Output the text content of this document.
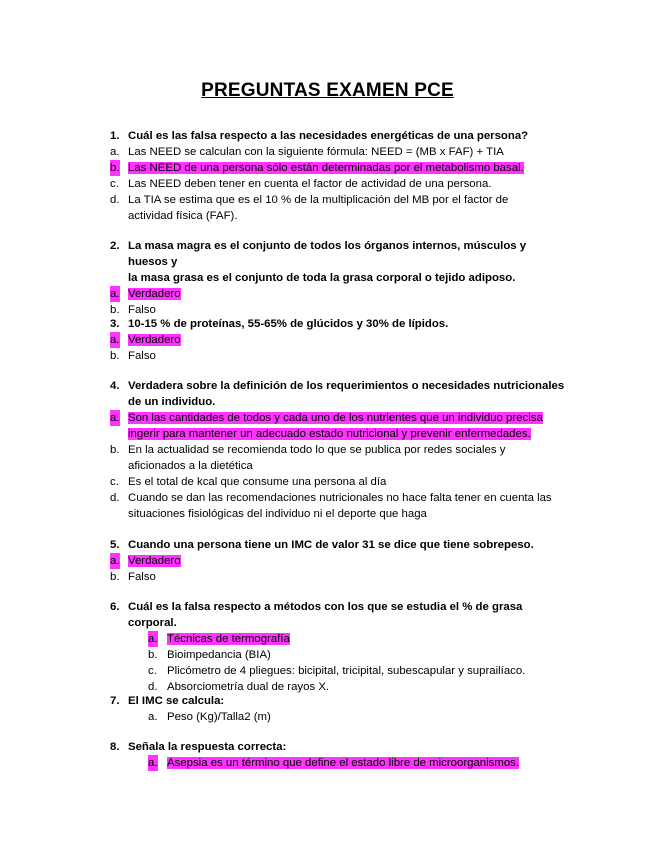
PREGUNTAS EXAMEN PCE
1. Cuál es las falsa respecto a las necesidades energéticas de una persona?
a. Las NEED se calculan con la siguiente fórmula: NEED = (MB x FAF) + TIA
b. Las NEED de una persona sólo están determinadas por el metabolismo basal.
c. Las NEED deben tener en cuenta el factor de actividad de una persona.
d. La TIA se estima que es el 10 % de la multiplicación del MB por el factor de
actividad física (FAF).
2. La masa magra es el conjunto de todos los órganos internos, músculos y huesos y
la masa grasa es el conjunto de toda la grasa corporal o tejido adiposo.
a. Verdadero
b. Falso
3. 10-15 % de proteínas, 55-65% de glúcidos y 30% de lípidos.
a. Verdadero
b. Falso
4. Verdadera sobre la definición de los requerimientos o necesidades nutricionales
de un individuo.
a. Son las cantidades de todos y cada uno de los nutrientes que un individuo precisa
ingerir para mantener un adecuado estado nutricional y prevenir enfermedades.
b. En la actualidad se recomienda todo lo que se publica por redes sociales y
aficionados a la dietética
c. Es el total de kcal que consume una persona al día
d. Cuando se dan las recomendaciones nutricionales no hace falta tener en cuenta las
situaciones fisiológicas del individuo ni el deporte que haga
5. Cuando una persona tiene un IMC de valor 31 se dice que tiene sobrepeso.
a. Verdadero
b. Falso
6. Cuál es la falsa respecto a métodos con los que se estudia el % de grasa corporal.
a. Técnicas de termografía
b. Bioimpedancia (BIA)
c. Plicómetro de 4 pliegues: bicipital, tricipital, subescapular y suprailíaco.
d. Absorciometría dual de rayos X.
7. El IMC se calcula:
a. Peso (Kg)/Talla2 (m)
8. Señala la respuesta correcta:
a. Asepsia es un término que define el estado libre de microorganismos.
